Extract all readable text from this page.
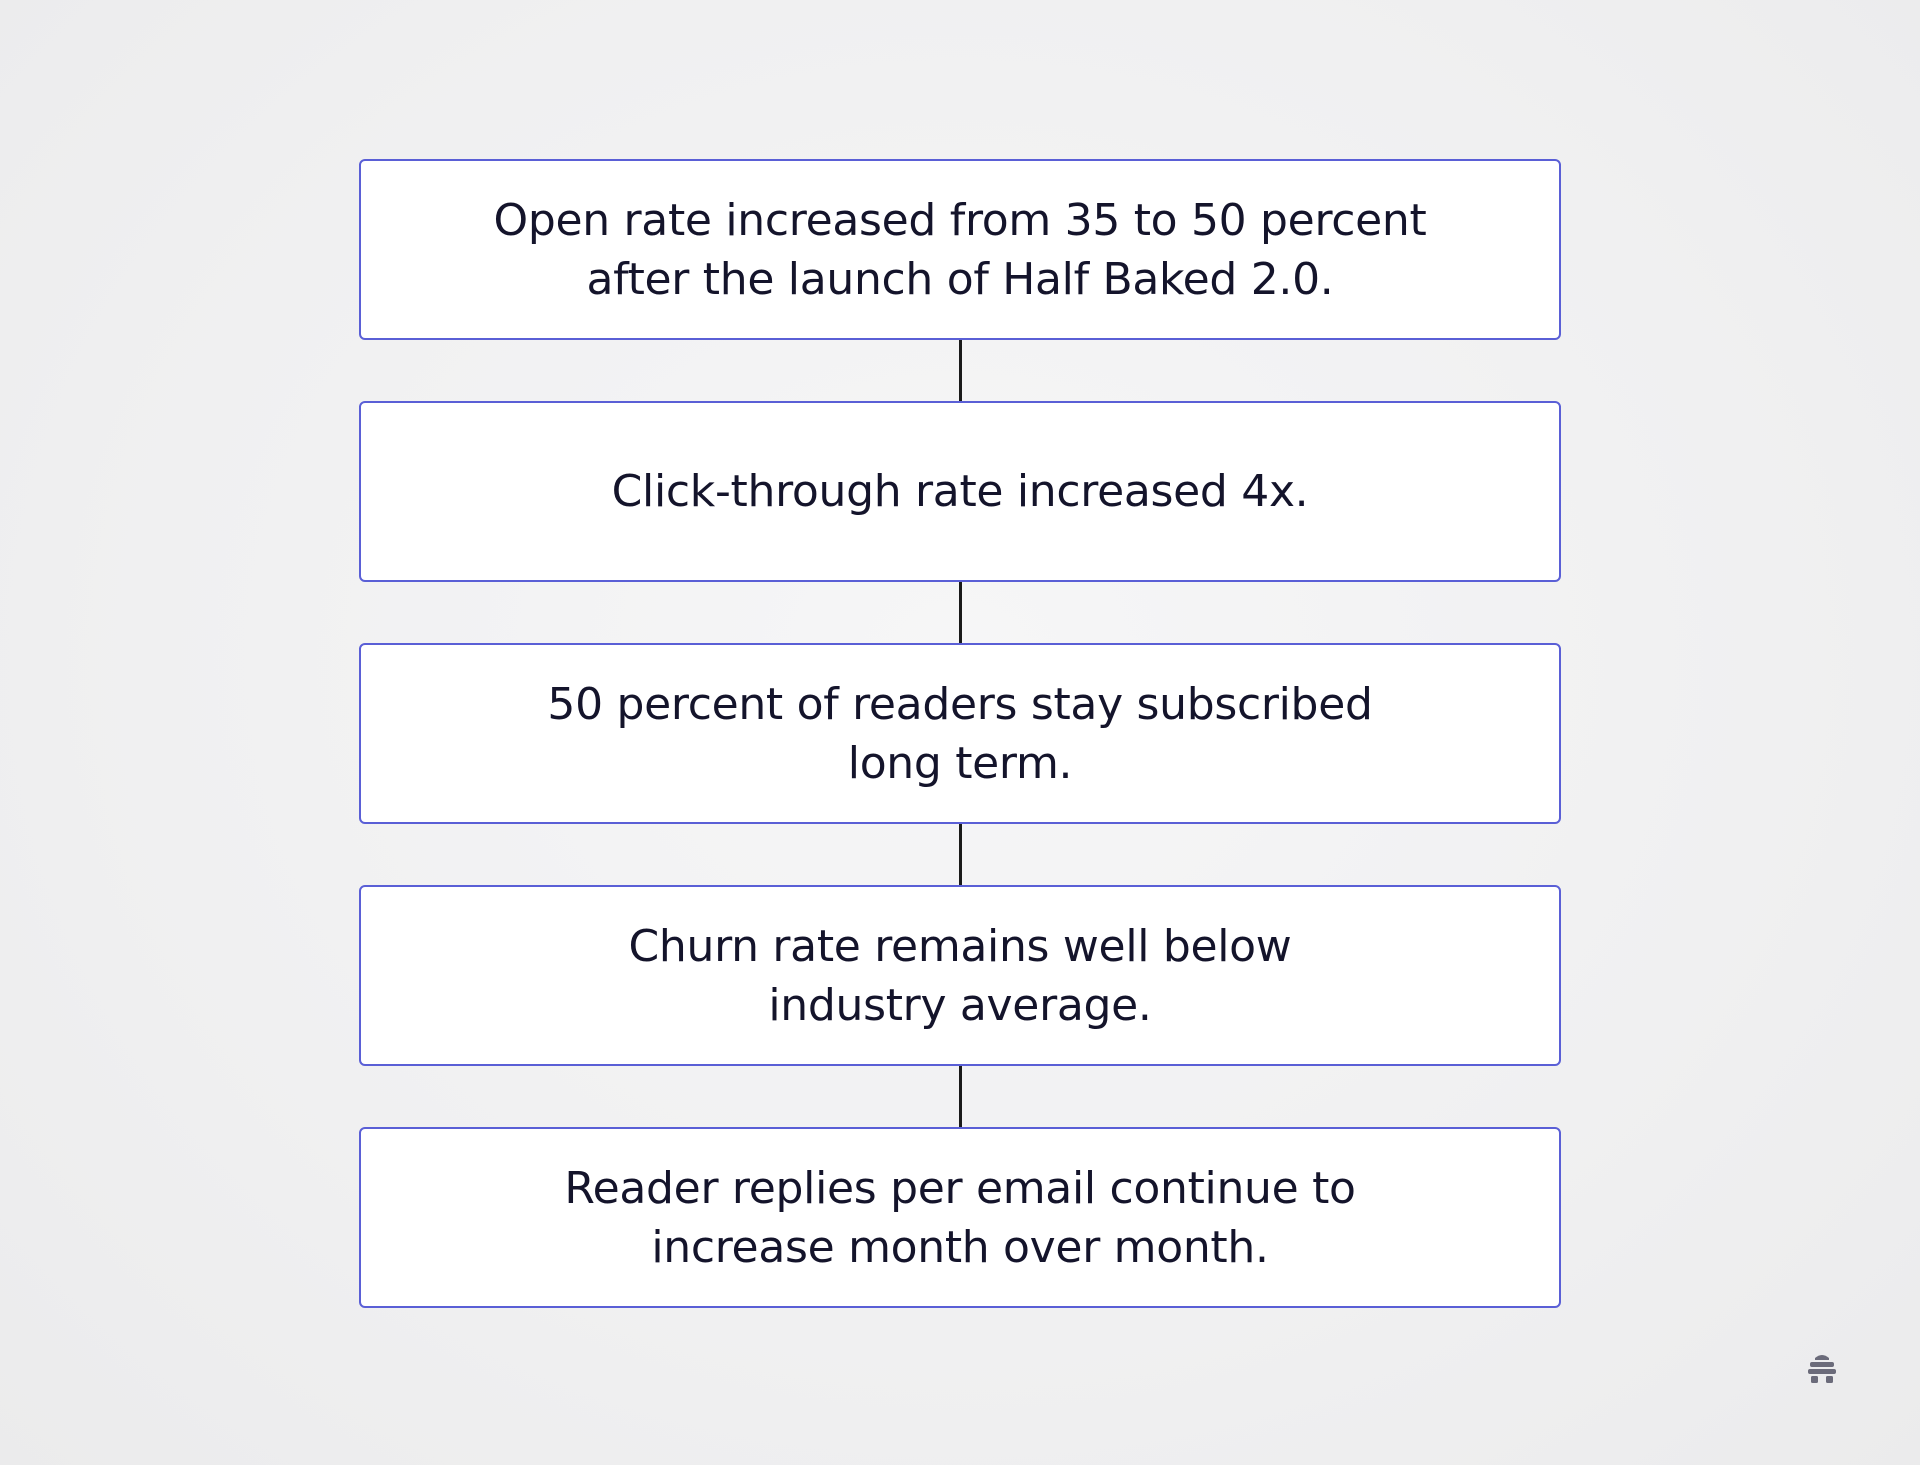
Open rate increased from 35 to 50 percent
after the launch of Half Baked 2.0.
Click-through rate increased 4x.
50 percent of readers stay subscribed
long term.
Churn rate remains well below
industry average.
Reader replies per email continue to
increase month over month.
